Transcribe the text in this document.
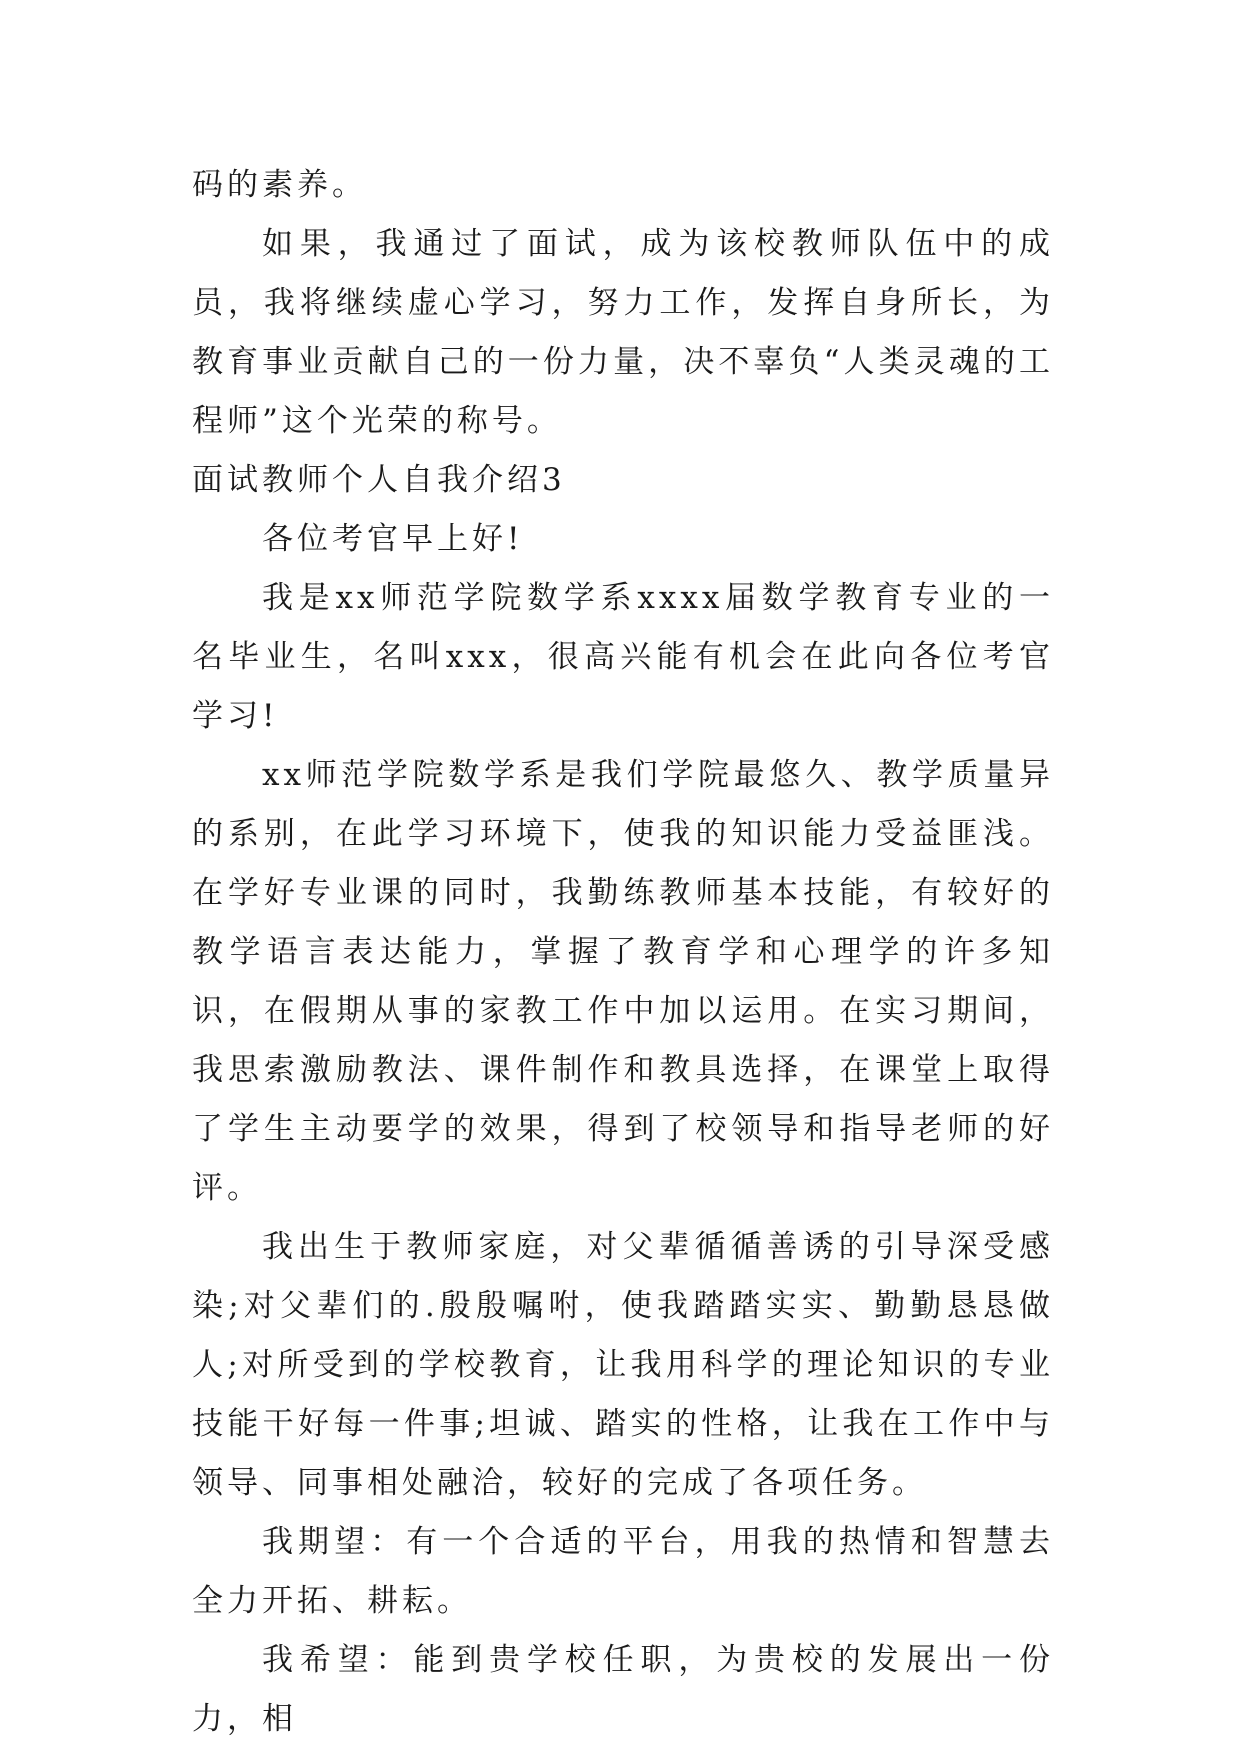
码的素养。

如果，我通过了面试，成为该校教师队伍中的成员，我将继续虚心学习，努力工作，发挥自身所长，为教育事业贡献自己的一份力量，决不辜负“人类灵魂的工程师”这个光荣的称号。

面试教师个人自我介绍3

各位考官早上好!

我是xx师范学院数学系xxxx届数学教育专业的一名毕业生，名叫xxx，很高兴能有机会在此向各位考官学习!

xx师范学院数学系是我们学院最悠久、教学质量异的系别，在此学习环境下，使我的知识能力受益匪浅。在学好专业课的同时，我勤练教师基本技能，有较好的教学语言表达能力，掌握了教育学和心理学的许多知识，在假期从事的家教工作中加以运用。在实习期间，我思索激励教法、课件制作和教具选择，在课堂上取得了学生主动要学的效果，得到了校领导和指导老师的好评。

我出生于教师家庭，对父辈循循善诱的引导深受感染;对父辈们的.殷殷嘱咐，使我踏踏实实、勤勤恳恳做人;对所受到的学校教育，让我用科学的理论知识的专业技能干好每一件事;坦诚、踏实的性格，让我在工作中与领导、同事相处融洽，较好的完成了各项任务。

我期望：有一个合适的平台，用我的热情和智慧去全力开拓、耕耘。

我希望：能到贵学校任职，为贵校的发展出一份力，相
